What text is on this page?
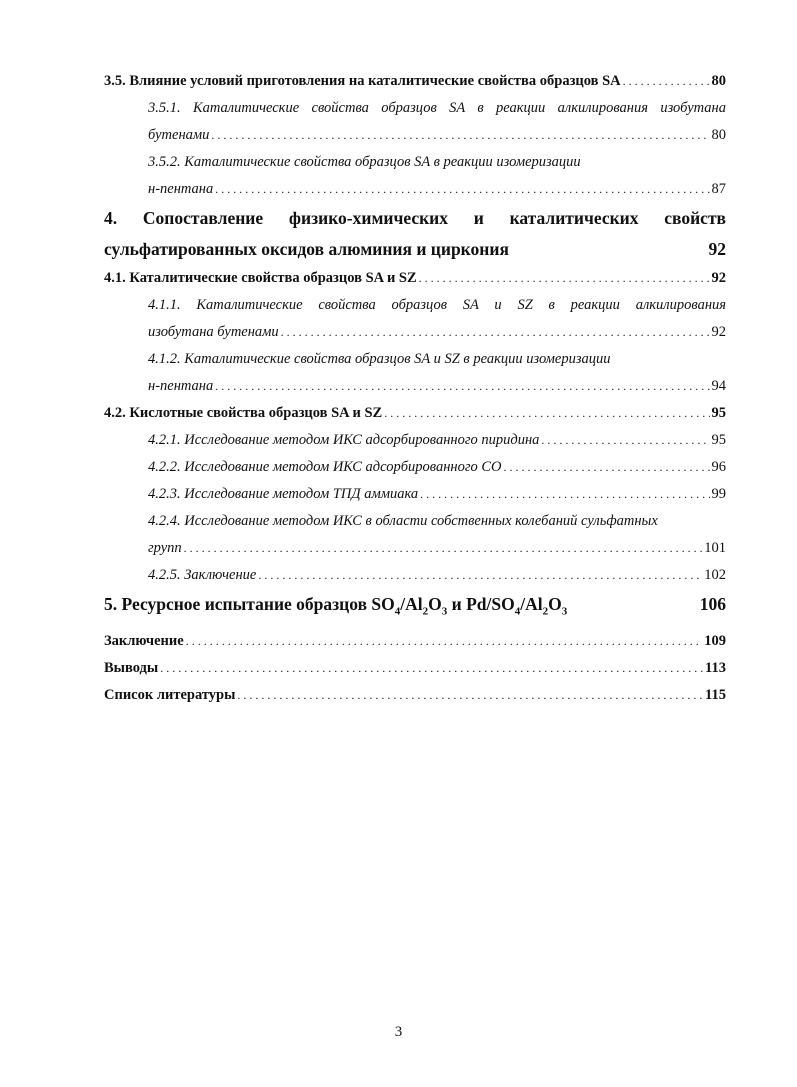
3.5. Влияние условий приготовления на каталитические свойства образцов SA .....	80
3.5.1. Каталитические свойства образцов SA в реакции алкилирования изобутана
бутенами .....	80
3.5.2. Каталитические свойства образцов SA в реакции изомеризации
н-пентана .....	87
4. Сопоставление физико-химических и каталитических свойств
сульфатированных оксидов алюминия и циркония	92
4.1. Каталитические свойства образцов SA и SZ .....	92
4.1.1. Каталитические свойства образцов SA и SZ в реакции алкилирования
изобутана бутенами .....	92
4.1.2. Каталитические свойства образцов SA и SZ в реакции изомеризации
н-пентана .....	94
4.2. Кислотные свойства образцов SA и SZ .....	95
4.2.1. Исследование методом ИКС адсорбированного пиридина .....	95
4.2.2. Исследование методом ИКС адсорбированного CO .....	96
4.2.3. Исследование методом ТПД аммиака .....	99
4.2.4. Исследование методом ИКС в области собственных колебаний сульфатных
групп .....	101
4.2.5. Заключение .....	102
5. Ресурсное испытание образцов $SO_4/Al_2O_3$ и $Pd/SO_4/Al_2O_3$	106
Заключение .....	109
Выводы .....	113
Список литературы .....	115
3
